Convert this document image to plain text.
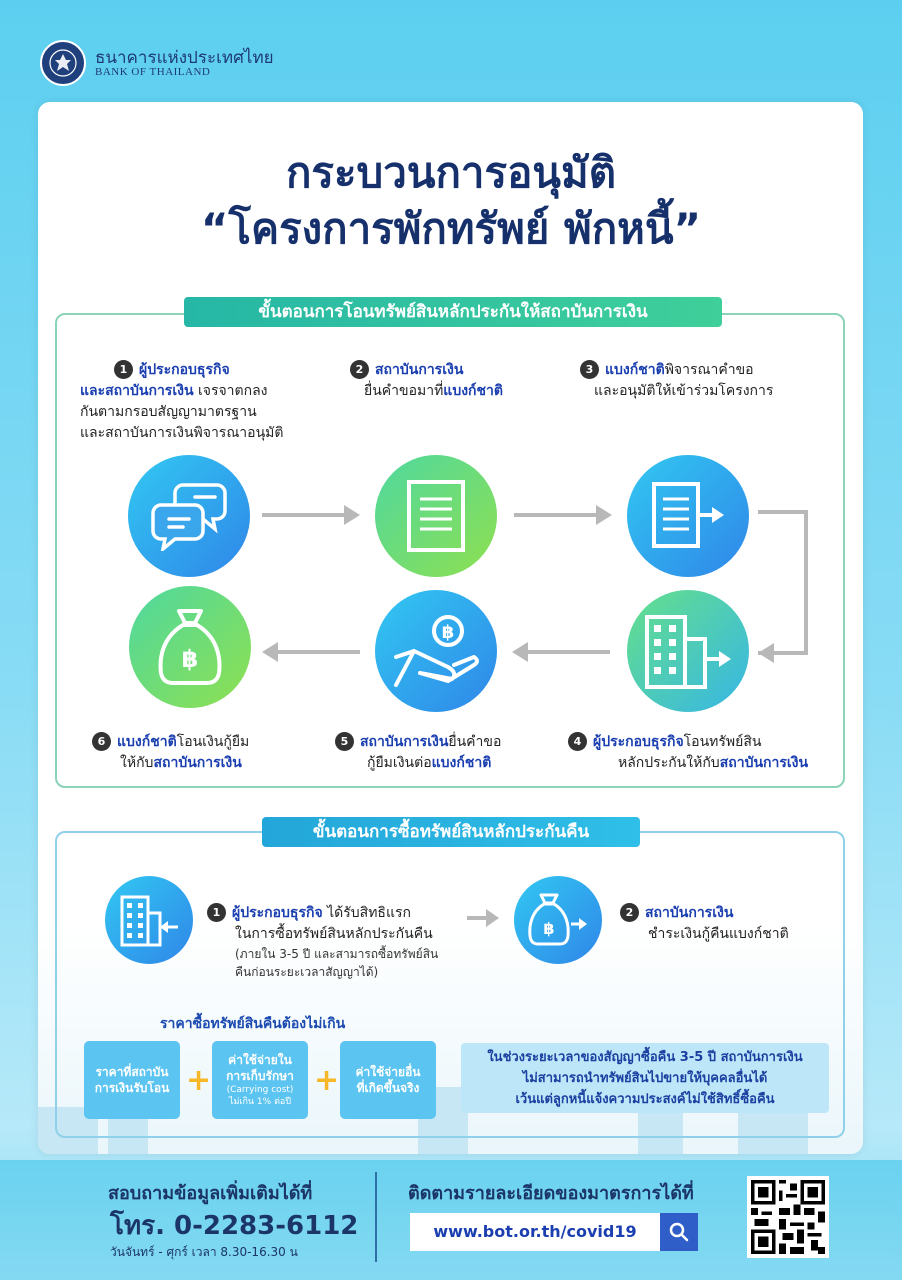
ธนาคารแห่งประเทศไทย
BANK OF THAILAND
กระบวนการอนุมัติ
“โครงการพักทรัพย์ พักหนี้”
ขั้นตอนการโอนทรัพย์สินหลักประกันให้สถาบันการเงิน
1 ผู้ประกอบธุรกิจ
และสถาบันการเงิน เจรจาตกลง
กันตามกรอบสัญญามาตรฐาน
และสถาบันการเงินพิจารณาอนุมัติ
2 สถาบันการเงิน
ยื่นคำขอมาที่แบงก์ชาติ
3 แบงก์ชาติพิจารณาคำขอ
และอนุมัติให้เข้าร่วมโครงการ
฿
฿
6 แบงก์ชาติโอนเงินกู้ยืม
ให้กับสถาบันการเงิน
5 สถาบันการเงินยื่นคำขอ
กู้ยืมเงินต่อแบงก์ชาติ
4 ผู้ประกอบธุรกิจโอนทรัพย์สิน
หลักประกันให้กับสถาบันการเงิน
ขั้นตอนการซื้อทรัพย์สินหลักประกันคืน
1 ผู้ประกอบธุรกิจ ได้รับสิทธิแรก
ในการซื้อทรัพย์สินหลักประกันคืน
(ภายใน 3-5 ปี และสามารถซื้อทรัพย์สิน
คืนก่อนระยะเวลาสัญญาได้)
฿
2 สถาบันการเงิน
ชำระเงินกู้คืนแบงก์ชาติ
ราคาซื้อทรัพย์สินคืนต้องไม่เกิน
ราคาที่สถาบัน
การเงินรับโอน +
ค่าใช้จ่ายใน
การเก็บรักษา
(Carrying cost)
ไม่เกิน 1% ต่อปี
+ ค่าใช้จ่ายอื่น
ที่เกิดขึ้นจริง
ในช่วงระยะเวลาของสัญญาซื้อคืน 3-5 ปี สถาบันการเงิน
ไม่สามารถนำทรัพย์สินไปขายให้บุคคลอื่นได้
เว้นแต่ลูกหนี้แจ้งความประสงค์ไม่ใช้สิทธิ์ซื้อคืน
สอบถามข้อมูลเพิ่มเติมได้ที่
โทร. 0-2283-6112
วันจันทร์ - ศุกร์ เวลา 8.30-16.30 น
ติดตามรายละเอียดของมาตรการได้ที่
www.bot.or.th/covid19
